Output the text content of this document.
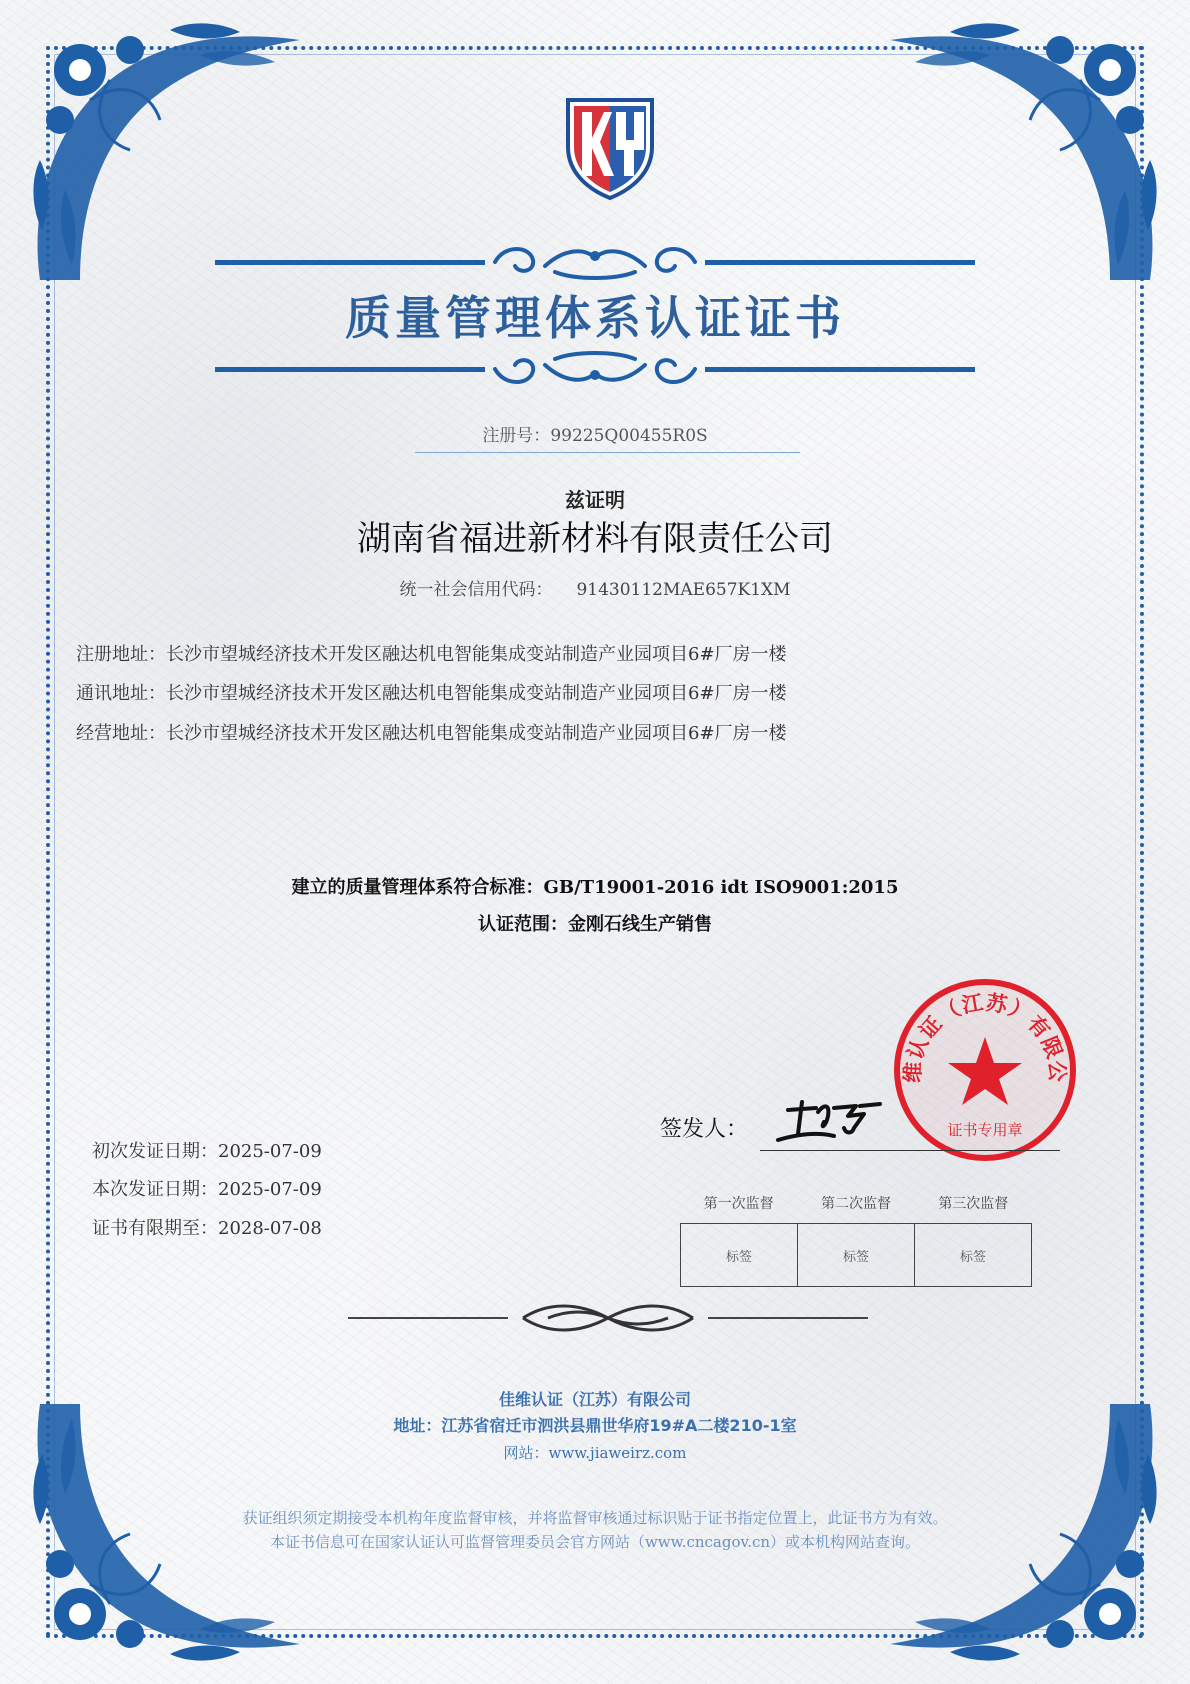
质量管理体系认证证书
注册号：99225Q00455R0S
兹证明
湖南省福进新材料有限责任公司
统一社会信用代码： 91430112MAE657K1XM
注册地址：长沙市望城经济技术开发区融达机电智能集成变站制造产业园项目6#厂房一楼
通讯地址：长沙市望城经济技术开发区融达机电智能集成变站制造产业园项目6#厂房一楼
经营地址：长沙市望城经济技术开发区融达机电智能集成变站制造产业园项目6#厂房一楼
建立的质量管理体系符合标准：GB/T19001-2016 idt ISO9001:2015
认证范围：金刚石线生产销售
维认证（江苏）有限公
证书专用章
签发人：
初次发证日期：2025-07-09
本次发证日期：2025-07-09
证书有限期至：2028-07-08
第一次监督	第二次监督	第三次监督
标签	标签	标签
佳维认证（江苏）有限公司
地址：江苏省宿迁市泗洪县鼎世华府19#A二楼210-1室
网站：www.jiaweirz.com
获证组织须定期接受本机构年度监督审核，并将监督审核通过标识贴于证书指定位置上，此证书方为有效。
本证书信息可在国家认证认可监督管理委员会官方网站（www.cncagov.cn）或本机构网站查询。
